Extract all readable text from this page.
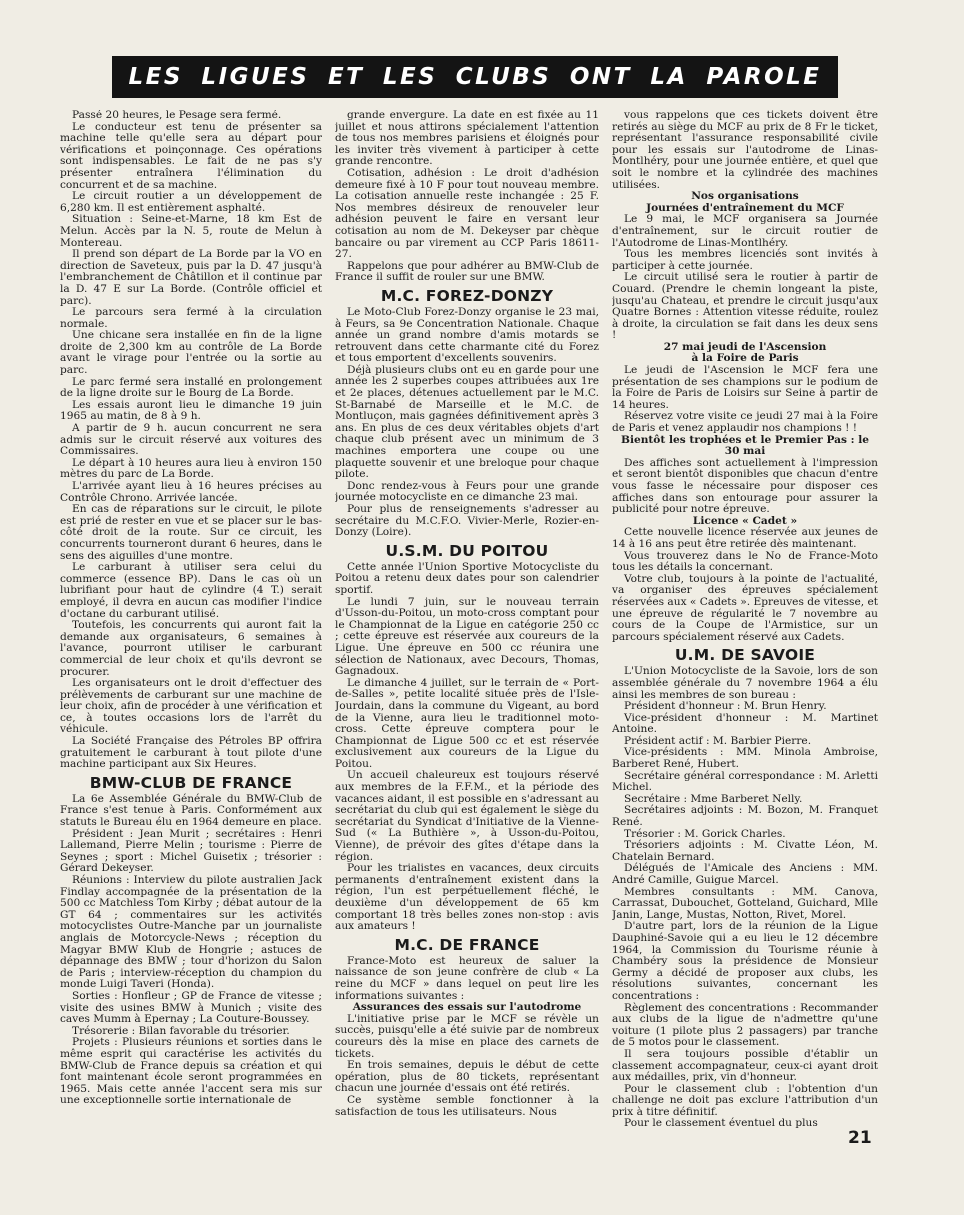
LES LIGUES ET LES CLUBS ONT LA PAROLE

Passé 20 heures, le Pesage sera fermé.

Le conducteur est tenu de présenter sa machine telle qu'elle sera au départ pour vérifications et poinçonnage. Ces opérations sont indispensables. Le fait de ne pas s'y présenter entraînera l'élimination du concurrent et de sa machine.

Le circuit routier a un développement de 6,280 km. Il est entièrement asphalté.

Situation : Seine-et-Marne, 18 km Est de Melun. Accès par la N. 5, route de Melun à Montereau.

Il prend son départ de La Borde par la VO en direction de Saveteux, puis par la D. 47 jusqu'à l'embranchement de Châtillon et il continue par la D. 47 E sur La Borde. (Contrôle officiel et parc).

Le parcours sera fermé à la circulation normale.

Une chicane sera installée en fin de la ligne droite de 2,300 km au contrôle de La Borde avant le virage pour l'entrée ou la sortie au parc.

Le parc fermé sera installé en prolongement de la ligne droite sur le Bourg de La Borde.

Les essais auront lieu le dimanche 19 juin 1965 au matin, de 8 à 9 h.

A partir de 9 h. aucun concurrent ne sera admis sur le circuit réservé aux voitures des Commissaires.

Le départ à 10 heures aura lieu à environ 150 mètres du parc de La Borde.

L'arrivée ayant lieu à 16 heures précises au Contrôle Chrono. Arrivée lancée.

En cas de réparations sur le circuit, le pilote est prié de rester en vue et se placer sur le bas-côté droit de la route. Sur ce circuit, les concurrents tourneront durant 6 heures, dans le sens des aiguilles d'une montre.

Le carburant à utiliser sera celui du commerce (essence BP). Dans le cas où un lubrifiant pour haut de cylindre (4 T.) serait employé, il devra en aucun cas modifier l'indice d'octane du carburant utilisé.

Toutefois, les concurrents qui auront fait la demande aux organisateurs, 6 semaines à l'avance, pourront utiliser le carburant commercial de leur choix et qu'ils devront se procurer.

Les organisateurs ont le droit d'effectuer des prélèvements de carburant sur une machine de leur choix, afin de procéder à une vérification et ce, à toutes occasions lors de l'arrêt du véhicule.

La Société Française des Pétroles BP offrira gratuitement le carburant à tout pilote d'une machine participant aux Six Heures.

BMW-CLUB DE FRANCE

La 6e Assemblée Générale du BMW-Club de France s'est tenue à Paris. Conformément aux statuts le Bureau élu en 1964 demeure en place.

Président : Jean Murit ; secrétaires : Henri Lallemand, Pierre Melin ; tourisme : Pierre de Seynes ; sport : Michel Guisetix ; trésorier : Gérard Dekeyser.

Réunions : Interview du pilote australien Jack Findlay accompagnée de la présentation de la 500 cc Matchless Tom Kirby ; débat autour de la GT 64 ; commentaires sur les activités motocyclistes Outre-Manche par un journaliste anglais de Motorcycle-News ; réception du Magyar BMW Klub de Hongrie ; astuces de dépannage des BMW ; tour d'horizon du Salon de Paris ; interview-réception du champion du monde Luigi Taveri (Honda).

Sorties : Honfleur ; GP de France de vitesse ; visite des usines BMW à Munich ; visite des caves Mumm à Epernay ; La Couture-Boussey.

Trésorerie : Bilan favorable du trésorier.

Projets : Plusieurs réunions et sorties dans le même esprit qui caractérise les activités du BMW-Club de France depuis sa création et qui font maintenant école seront programmées en 1965. Mais cette année l'accent sera mis sur une exceptionnelle sortie internationale de

grande envergure. La date en est fixée au 11 juillet et nous attirons spécialement l'attention de tous nos membres parisiens et éloignés pour les inviter très vivement à participer à cette grande rencontre.

Cotisation, adhésion : Le droit d'adhésion demeure fixé à 10 F pour tout nouveau membre. La cotisation annuelle reste inchangée : 25 F. Nos membres désireux de renouveler leur adhésion peuvent le faire en versant leur cotisation au nom de M. Dekeyser par chèque bancaire ou par virement au CCP Paris 18611-27.

Rappelons que pour adhérer au BMW-Club de France il suffit de rouler sur une BMW.

M.C. FOREZ-DONZY

Le Moto-Club Forez-Donzy organise le 23 mai, à Feurs, sa 9e Concentration Nationale. Chaque année un grand nombre d'amis motards se retrouvent dans cette charmante cité du Forez et tous emportent d'excellents souvenirs.

Déjà plusieurs clubs ont eu en garde pour une année les 2 superbes coupes attribuées aux 1re et 2e places, détenues actuellement par le M.C. St-Barnabé de Marseille et le M.C. de Montluçon, mais gagnées définitivement après 3 ans. En plus de ces deux véritables objets d'art chaque club présent avec un minimum de 3 machines emportera une coupe ou une plaquette souvenir et une breloque pour chaque pilote.

Donc rendez-vous à Feurs pour une grande journée motocycliste en ce dimanche 23 mai.

Pour plus de renseignements s'adresser au secrétaire du M.C.F.O. Vivier-Merle, Rozier-en-Donzy (Loire).

U.S.M. DU POITOU

Cette année l'Union Sportive Motocycliste du Poitou a retenu deux dates pour son calendrier sportif.

Le lundi 7 juin, sur le nouveau terrain d'Usson-du-Poitou, un moto-cross comptant pour le Championnat de la Ligue en catégorie 250 cc ; cette épreuve est réservée aux coureurs de la Ligue. Une épreuve en 500 cc réunira une sélection de Nationaux, avec Decours, Thomas, Gagnadoux.

Le dimanche 4 juillet, sur le terrain de « Port-de-Salles », petite localité située près de l'Isle-Jourdain, dans la commune du Vigeant, au bord de la Vienne, aura lieu le traditionnel moto-cross. Cette épreuve comptera pour le Championnat de Ligue 500 cc et est réservée exclusivement aux coureurs de la Ligue du Poitou.

Un accueil chaleureux est toujours réservé aux membres de la F.F.M., et la période des vacances aidant, il est possible en s'adressant au secrétariat du club qui est également le siège du secrétariat du Syndicat d'Initiative de la Vienne-Sud (« La Buthière », à Usson-du-Poitou, Vienne), de prévoir des gîtes d'étape dans la région.

Pour les trialistes en vacances, deux circuits permanents d'entraînement existent dans la région, l'un est perpétuellement fléché, le deuxième d'un développement de 65 km comportant 18 très belles zones non-stop : avis aux amateurs !

M.C. DE FRANCE

France-Moto est heureux de saluer la naissance de son jeune confrère de club « La reine du MCF » dans lequel on peut lire les informations suivantes :

Assurances des essais sur l'autodrome

L'initiative prise par le MCF se révèle un succès, puisqu'elle a été suivie par de nombreux coureurs dès la mise en place des carnets de tickets.

En trois semaines, depuis le début de cette opération, plus de 80 tickets, représentant chacun une journée d'essais ont été retirés.

Ce système semble fonctionner à la satisfaction de tous les utilisateurs. Nous

vous rappelons que ces tickets doivent être retirés au siège du MCF au prix de 8 Fr le ticket, représentant l'assurance responsabilité civile pour les essais sur l'autodrome de Linas-Montlhéry, pour une journée entière, et quel que soit le nombre et la cylindrée des machines utilisées.

Nos organisations

Journées d'entraînement du MCF

Le 9 mai, le MCF organisera sa Journée d'entraînement, sur le circuit routier de l'Autodrome de Linas-Montlhéry.

Tous les membres licenciés sont invités à participer à cette journée.

Le circuit utilisé sera le routier à partir de Couard. (Prendre le chemin longeant la piste, jusqu'au Chateau, et prendre le circuit jusqu'aux Quatre Bornes : Attention vitesse réduite, roulez à droite, la circulation se fait dans les deux sens !

27 mai jeudi de l'Ascension

à la Foire de Paris

Le jeudi de l'Ascension le MCF fera une présentation de ses champions sur le podium de la Foire de Paris de Loisirs sur Seine à partir de 14 heures.

Réservez votre visite ce jeudi 27 mai à la Foire de Paris et venez applaudir nos champions ! !

Bientôt les trophées et le Premier Pas : le 30 mai

Des affiches sont actuellement à l'impression et seront bientôt disponibles que chacun d'entre vous fasse le nécessaire pour disposer ces affiches dans son entourage pour assurer la publicité pour notre épreuve.

Licence « Cadet »

Cette nouvelle licence réservée aux jeunes de 14 à 16 ans peut être retirée dès maintenant.

Vous trouverez dans le No de France-Moto tous les détails la concernant.

Votre club, toujours à la pointe de l'actualité, va organiser des épreuves spécialement réservées aux « Cadets ». Epreuves de vitesse, et une épreuve de régularité le 7 novembre au cours de la Coupe de l'Armistice, sur un parcours spécialement réservé aux Cadets.

U.M. DE SAVOIE

L'Union Motocycliste de la Savoie, lors de son assemblée générale du 7 novembre 1964 a élu ainsi les membres de son bureau :

Président d'honneur : M. Brun Henry.

Vice-président d'honneur : M. Martinet Antoine.

Président actif : M. Barbier Pierre.

Vice-présidents : MM. Minola Ambroise, Barberet René, Hubert.

Secrétaire général correspondance : M. Arletti Michel.

Secrétaire : Mme Barberet Nelly.

Secrétaires adjoints : M. Bozon, M. Franquet René.

Trésorier : M. Gorick Charles.

Trésoriers adjoints : M. Civatte Léon, M. Chatelain Bernard.

Délégués de l'Amicale des Anciens : MM. André Camille, Guigue Marcel.

Membres consultants : MM. Canova, Carrassat, Dubouchet, Gotteland, Guichard, Mlle Janin, Lange, Mustas, Notton, Rivet, Morel.

D'autre part, lors de la réunion de la Ligue Dauphiné-Savoie qui a eu lieu le 12 décembre 1964, la Commission du Tourisme réunie à Chambéry sous la présidence de Monsieur Germy a décidé de proposer aux clubs, les résolutions suivantes, concernant les concentrations :

Règlement des concentrations : Recommander aux clubs de la ligue de n'admettre qu'une voiture (1 pilote plus 2 passagers) par tranche de 5 motos pour le classement.

Il sera toujours possible d'établir un classement accompagnateur, ceux-ci ayant droit aux médailles, prix, vin d'honneur.

Pour le classement club : l'obtention d'un challenge ne doit pas exclure l'attribution d'un prix à titre définitif.

Pour le classement éventuel du plus

21
